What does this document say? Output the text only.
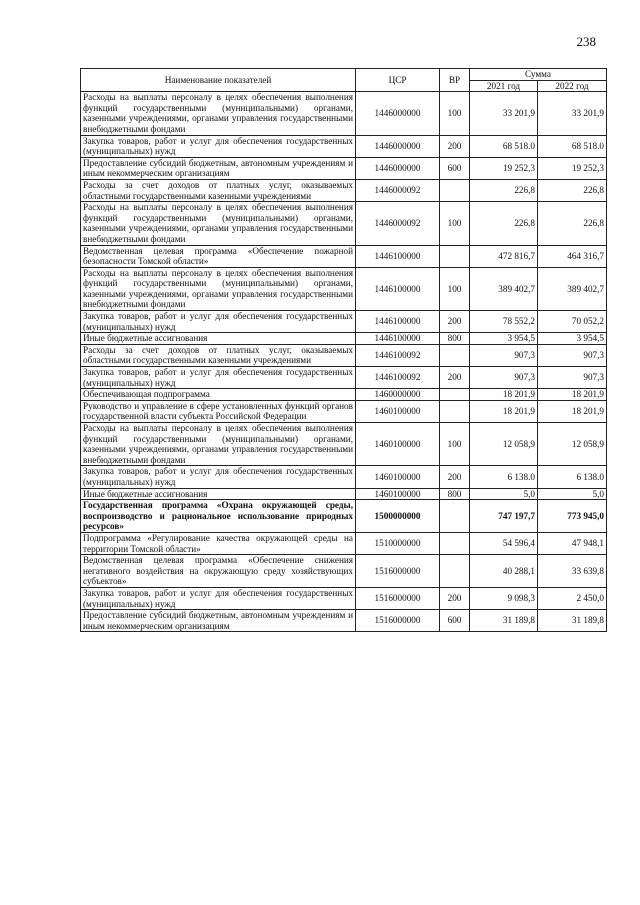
238
Наименование показателей	ЦСР	ВР	Сумма	
			2021 год	2022 год
Расходы на выплаты персоналу в целях обеспечения выполнения функций государственными (муниципальными) органами, казенными учреждениями, органами управления государственными внебюджетными фондами	1446000000	100	33 201,9	33 201,9
Закупка товаров, работ и услуг для обеспечения государственных (муниципальных) нужд	1446000000	200	68 518.0	68 518.0
Предоставление субсидий бюджетным, автономным учреждениям и иным некоммерческим организациям	1446000000	600	19 252,3	19 252,3
Расходы за счет доходов от платных услуг, оказываемых областными государственными казенными учреждениями	1446000092		226,8	226,8
Расходы на выплаты персоналу в целях обеспечения выполнения функций государственными (муниципальными) органами, казенными учреждениями, органами управления государственными внебюджетными фондами	1446000092	100	226,8	226,8
Ведомственная целевая программа «Обеспечение пожарной безопасности Томской области»	1446100000		472 816,7	464 316,7
Расходы на выплаты персоналу в целях обеспечения выполнения функций государственными (муниципальными) органами, казенными учреждениями, органами управления государственными внебюджетными фондами	1446100000	100	389 402,7	389 402,7
Закупка товаров, работ и услуг для обеспечения государственных (муниципальных) нужд	1446100000	200	78 552,2	70 052,2
Иные бюджетные ассигнования	1446100000	800	3 954,5	3 954,5
Расходы за счет доходов от платных услуг, оказываемых областными государственными казенными учреждениями	1446100092		907,3	907,3
Закупка товаров, работ и услуг для обеспечения государственных (муниципальных) нужд	1446100092	200	907,3	907,3
Обеспечивающая подпрограмма	1460000000		18 201,9	18 201,9
Руководство и управление в сфере установленных функций органов государственной власти субъекта Российской Федерации	1460100000		18 201,9	18 201,9
Расходы на выплаты персоналу в целях обеспечения выполнения функций государственными (муниципальными) органами, казенными учреждениями, органами управления государственными внебюджетными фондами	1460100000	100	12 058,9	12 058,9
Закупка товаров, работ и услуг для обеспечения государственных (муниципальных) нужд	1460100000	200	6 138.0	6 138.0
Иные бюджетные ассигнования	1460100000	800	5,0	5,0
Государственная программа «Охрана окружающей среды, воспроизводство и рациональное использование природных ресурсов»	1500000000		747 197,7	773 945,0
Подпрограмма «Регулирование качества окружающей среды на территории Томской области»	1510000000		54 596,4	47 948,1
Ведомственная целевая программа «Обеспечение снижения негативного воздействия на окружающую среду хозяйствующих субъектов»	1516000000		40 288,1	33 639,8
Закупка товаров, работ и услуг для обеспечения государственных (муниципальных) нужд	1516000000	200	9 098,3	2 450,0
Предоставление субсидий бюджетным, автономным учреждениям и иным некоммерческим организациям	1516000000	600	31 189,8	31 189,8
